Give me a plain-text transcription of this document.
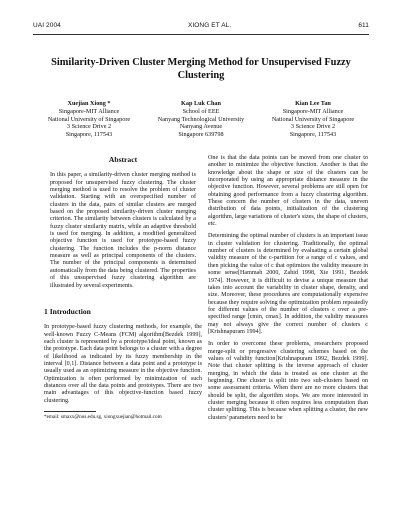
UAI 2004	XIONG ET AL.	611
Similarity-Driven Cluster Merging Method for Unsupervised Fuzzy Clustering
Xuejian Xiong *
Singapore-MIT Alliance
National University of Singapore
3 Science Drive 2
Singapore, 117543
Kap Luk Chan
School of EEE
Nanyang Technological University
Nanyang Avenue
Singapore 639798
Kian Lee Tan
Singapore-MIT Alliance
National University of Singapore
3 Science Drive 2
Singapore, 117543
Abstract

In this paper, a similarity-driven cluster merging method is proposed for unsupervised fuzzy clustering. The cluster merging method is used to resolve the problem of cluster validation. Starting with an overspecified number of clusters in the data, pairs of similar clusters are merged based on the proposed similarity-driven cluster merging criterion. The similarity between clusters is calculated by a fuzzy cluster similarity matrix, while an adaptive threshold is used for merging. In addition, a modified generalized objective function is used for prototype-based fuzzy clustering. The function includes the p-norm distance measure as well as principal components of the clusters. The number of the principal components is determined automatically from the data being clustered. The properties of this unsupervised fuzzy clustering algorithm are illustrated by several experiments.

1 Introduction

In prototype-based fuzzy clustering methods, for example, the well-known Fuzzy C-Means (FCM) algorithm[Bezdek 1999], each cluster is represented by a prototype/ideal point, known as the prototype. Each data point belongs to a cluster with a degree of likelihood as indicated by its fuzzy membership in the interval [0,1]. Distance between a data point and a prototype is usually used as an optimizing measure in the objective function. Optimization is often performed by minimization of such distances over all the data points and prototypes. There are two main advantages of this objective-function based fuzzy clustering.

*email: smaxx@nus.edu.sg, xiongxuejian@hotmail.com

One is that the data points can be moved from one cluster to another to minimize the objective function. Another is that the knowledge about the shape or size of the clusters can be incorporated by using an appropriate distance measure in the objective function. However, several problems are still open for obtaining good performance from a fuzzy clustering algorithm. These concern the number of clusters in the data, uneven distribution of data points, initialization of the clustering algorithm, large variations of cluster's sizes, the shape of clusters, etc.

Determining the optimal number of clusters is an important issue in cluster validation for clustering. Traditionally, the optimal number of clusters is determined by evaluating a certain global validity measure of the c-partition for a range of c values, and then picking the value of c that optimizes the validity measure in some sense[Hammah 2000, Zahid 1998, Xie 1991, Bezdek 1974]. However, it is difficult to devise a unique measure that takes into account the variability in cluster shape, density, and size. Moreover, these procedures are computationally expensive because they require solving the optimization problem repeatedly for different values of the number of clusters c over a pre-specified range [cmin, cmax]. In addition, the validity measures may not always give the correct number of clusters c [Krishnapuram 1994].

In order to overcome these problems, researchers proposed merge-split or progressive clustering schemes based on the values of validity function[Krishnapuram 1992, Bezdek 1999]. Note that cluster splitting is the inverse approach of cluster merging, in which the data is treated as one cluster at the beginning. One cluster is split into two sub-clusters based on some assessment criteria. When there are no more clusters that should be split, the algorithm stops. We are more interested in cluster merging because it often requires less computation than cluster splitting. This is because when splitting a cluster, the new clusters' parameters need to be
